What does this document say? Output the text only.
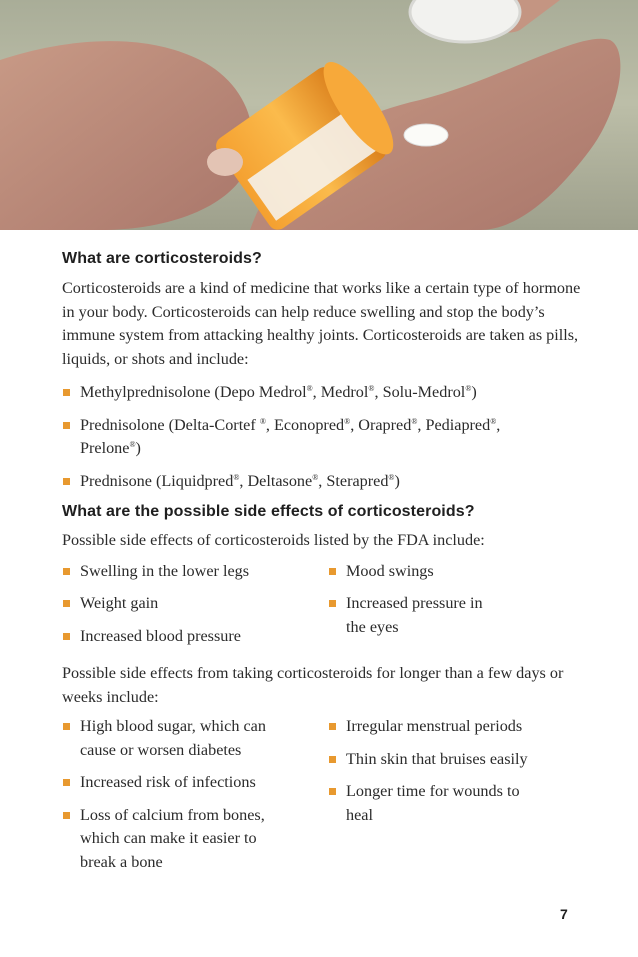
What are corticosteroids?

Corticosteroids are a kind of medicine that works like a certain type of hormone in your body. Corticosteroids can help reduce swelling and stop the body’s immune system from attacking healthy joints. Corticosteroids are taken as pills, liquids, or shots and include:

Methylprednisolone (Depo Medrol®, Medrol®, Solu-Medrol®)
Prednisolone (Delta-Cortef ®, Econopred®, Orapred®, Pediapred®,
Prelone®)
Prednisone (Liquidpred®, Deltasone®, Sterapred®)
What are the possible side effects of corticosteroids?

Possible side effects of corticosteroids listed by the FDA include:

Swelling in the lower legs
Weight gain
Increased blood pressure
Mood swings
Increased pressure in the eyes

Possible side effects from taking corticosteroids for longer than a few days or weeks include:

High blood sugar, which can cause or worsen diabetes
Increased risk of infections
Loss of calcium from bones, which can make it easier to break a bone
Irregular menstrual periods
Thin skin that bruises easily
Longer time for wounds to heal
7
